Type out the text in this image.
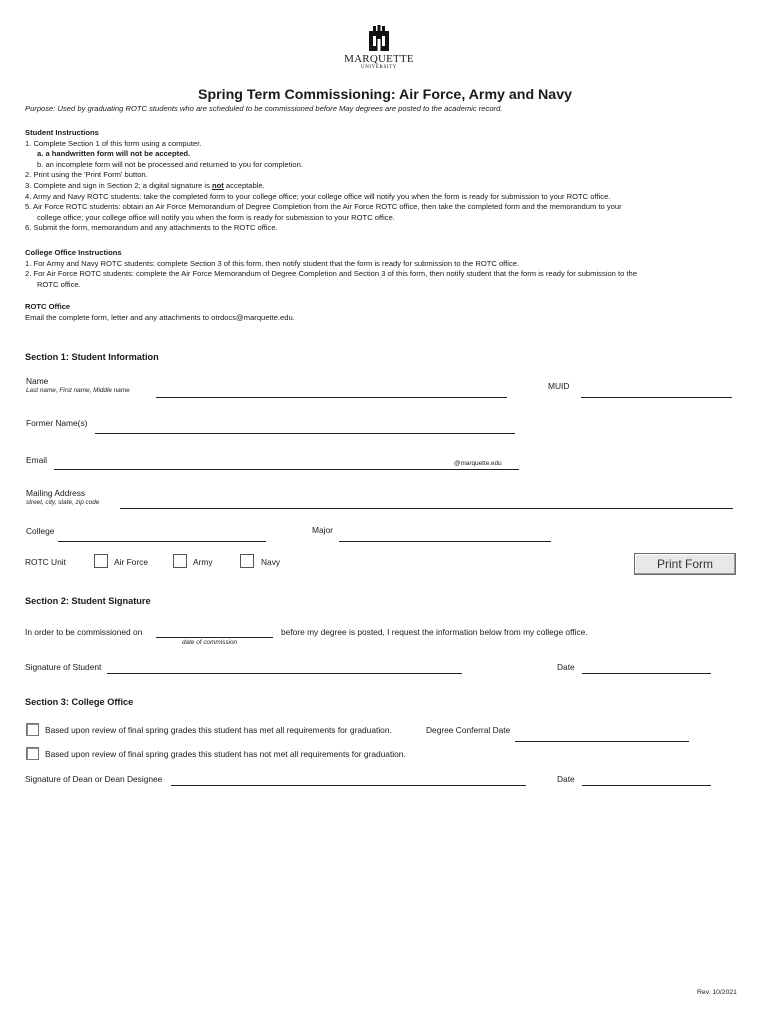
MARQUETTE
UNIVERSITY
Spring Term Commissioning: Air Force, Army and Navy
Purpose: Used by graduating ROTC students who are scheduled to be commissioned before May degrees are posted to the academic record.
Student Instructions
1. Complete Section 1 of this form using a computer.
a. a handwritten form will not be accepted.
b. an incomplete form will not be processed and returned to you for completion.
2. Print using the 'Print Form' button.
3. Complete and sign in Section 2; a digital signature is not acceptable.
4. Army and Navy ROTC students: take the completed form to your college office; your college office will notify you when the form is ready for submission to your ROTC office.
5. Air Force ROTC students: obtain an Air Force Memorandum of Degree Completion from the Air Force ROTC office, then take the completed form and the memorandum to your
college office; your college office will notify you when the form is ready for submission to your ROTC office.
6. Submit the form, memorandum and any attachments to the ROTC office.
College Office Instructions
1. For Army and Navy ROTC students: complete Section 3 of this form, then notify student that the form is ready for submission to the ROTC office.
2. For Air Force ROTC students: complete the Air Force Memorandum of Degree Completion and Section 3 of this form, then notify student that the form is ready for submission to the
ROTC office.
ROTC Office
Email the complete form, letter and any attachments to otrdocs@marquette.edu.
Section 1: Student Information
Name
Last name, First name, Middle name	MUID
Former Name(s)
Email	@marquette.edu
Mailing Address
street, city, state, zip code
College	Major
ROTC Unit	Air Force	Army	Navy	Print Form
Section 2: Student Signature
In order to be commissioned on
date of commission
before my degree is posted, I request the information below from my college office.
Signature of Student	Date
Section 3: College Office
Based upon review of final spring grades this student has met all requirements for graduation.	Degree Conferral Date
Based upon review of final spring grades this student has not met all requirements for graduation.
Signature of Dean or Dean Designee	Date
Rev. 10/2021
